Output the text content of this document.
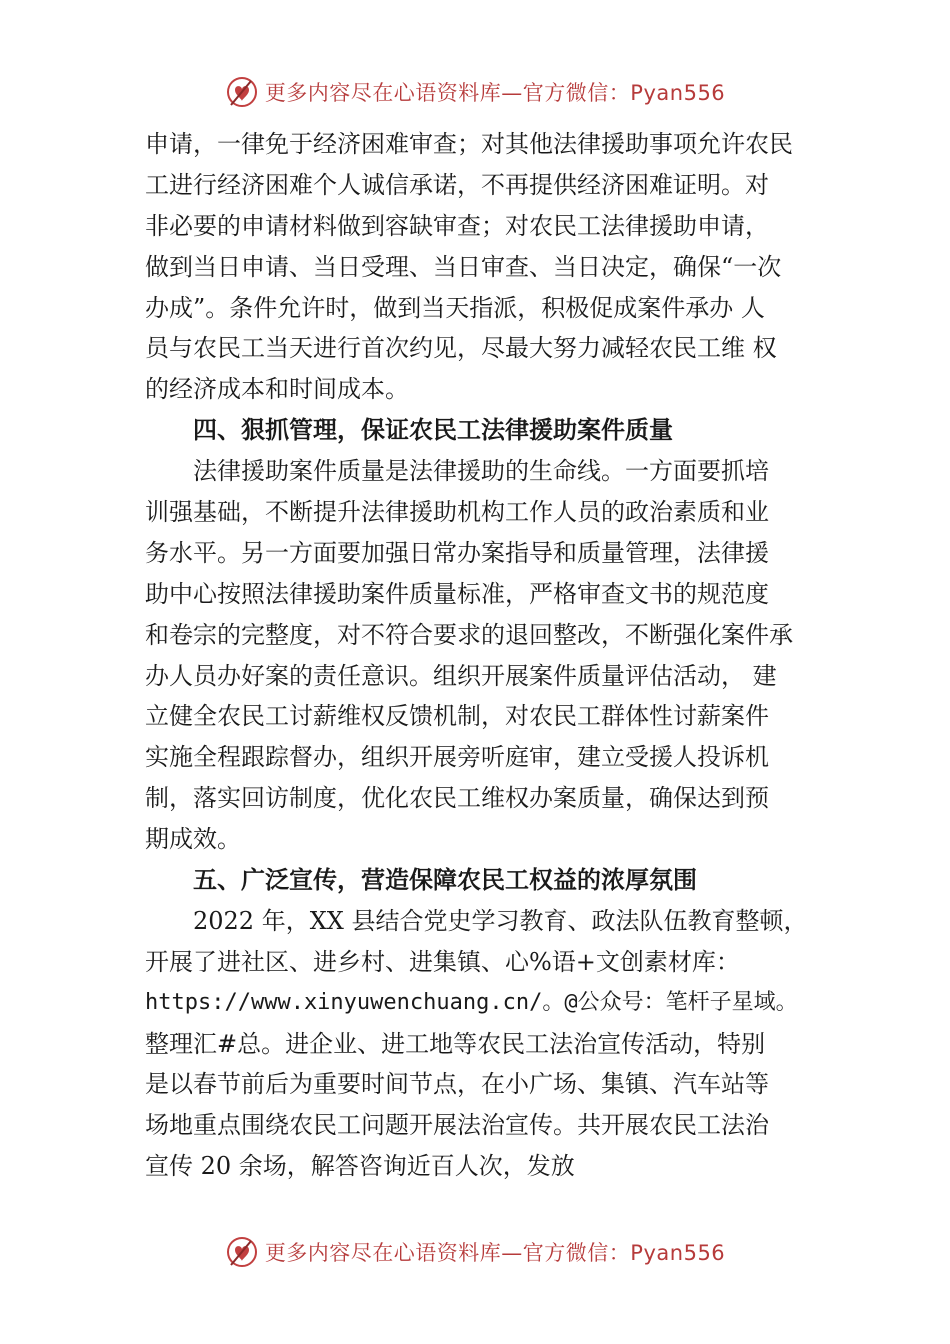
更多内容尽在心语资料库—官方微信：Pyan556
申请，一律免于经济困难审查；对其他法律援助事项允许农民
工进行经济困难个人诚信承诺，不再提供经济困难证明。对
非必要的申请材料做到容缺审查；对农民工法律援助申请，
做到当日申请、当日受理、当日审查、当日决定，确保“一次
办成”。条件允许时，做到当天指派，积极促成案件承办 人
员与农民工当天进行首次约见，尽最大努力减轻农民工维 权
的经济成本和时间成本。
四、狠抓管理，保证农民工法律援助案件质量
法律援助案件质量是法律援助的生命线。一方面要抓培
训强基础，不断提升法律援助机构工作人员的政治素质和业
务水平。另一方面要加强日常办案指导和质量管理，法律援
助中心按照法律援助案件质量标准，严格审查文书的规范度
和卷宗的完整度，对不符合要求的退回整改，不断强化案件承
办人员办好案的责任意识。组织开展案件质量评估活动， 建
立健全农民工讨薪维权反馈机制，对农民工群体性讨薪案件
实施全程跟踪督办，组织开展旁听庭审，建立受援人投诉机
制，落实回访制度，优化农民工维权办案质量，确保达到预
期成效。
五、广泛宣传，营造保障农民工权益的浓厚氛围
2022 年，XX 县结合党史学习教育、政法队伍教育整顿，
开展了进社区、进乡村、进集镇、心%语+文创素材库：
https://www.xinyuwenchuang.cn/。@公众号：笔杆子星域。
整理汇#总。进企业、进工地等农民工法治宣传活动，特别
是以春节前后为重要时间节点，在小广场、集镇、汽车站等
场地重点围绕农民工问题开展法治宣传。共开展农民工法治
宣传 20 余场，解答咨询近百人次，发放
更多内容尽在心语资料库—官方微信：Pyan556
